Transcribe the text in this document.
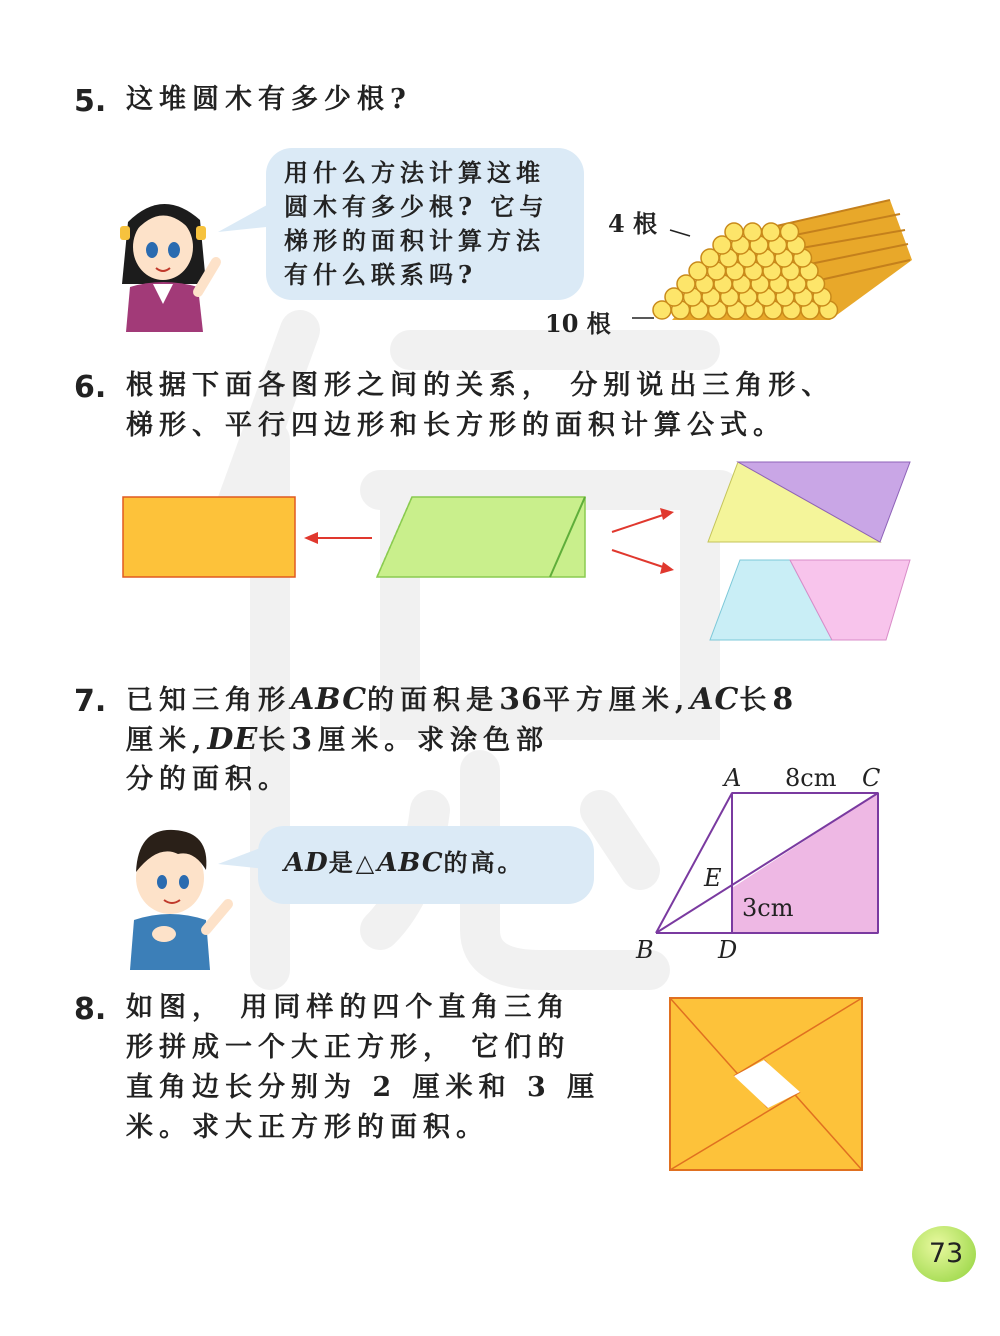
5. 这堆圆木有多少根?
用什么方法计算这堆
圆木有多少根? 它与
梯形的面积计算方法
有什么联系吗?
4 根
10 根
6. 根据下面各图形之间的关系， 分别说出三角形、
梯形、平行四边形和长方形的面积计算公式。
7. 已知三角形ABC的面积是36平方厘米,AC长8
厘米,DE长3厘米。求涂色部
分的面积。
AD是△ABC的高。
A 8cm C
E
3cm
B	D
8. 如图， 用同样的四个直角三角
形拼成一个大正方形， 它们的
直角边长分别为 2 厘米和 3 厘
米。求大正方形的面积。
73
